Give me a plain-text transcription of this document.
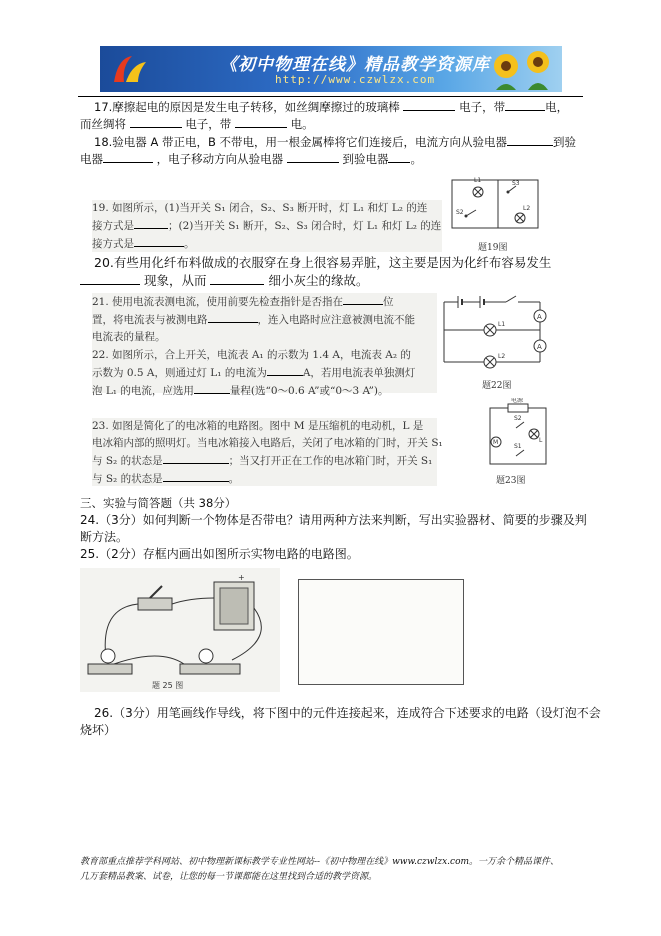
《初中物理在线》精品教学资源库
http://www.czwlzx.com
17.摩擦起电的原因是发生电子转移，如丝绸摩擦过的玻璃棒	电子，带	电，
而丝绸将	电子，带	电。
18.验电器 A 带正电，B 不带电，用一根金属棒将它们连接后，电流方向从验电器	到验
电器	，电子移动方向从验电器	到验电器 。
19. 如图所示，(1)当开关 S₁ 闭合，S₂、S₃ 断开时，灯 L₁ 和灯 L₂ 的连
接方式是	；(2)当开关 S₁ 断开，S₂、S₃ 闭合时，灯 L₁ 和灯 L₂ 的连
接方式是	。
L1	S3
S2
L2
题19图
20.有些用化纤布料做成的衣服穿在身上很容易弄脏，这主要是因为化纤布容易发生
现象，从而	细小灰尘的缘故。
21. 使用电流表测电流，使用前要先检查指针是否指在	位
置，将电流表与被测电路	，连入电路时应注意被测电流不能
电流表的量程。
22. 如图所示，合上开关，电流表 A₁ 的示数为 1.4 A，电流表 A₂ 的
示数为 0.5 A，则通过灯 L₁ 的电流为	A，若用电流表单独测灯
泡 L₁ 的电流，应选用	量程(选“0～0.6 A”或“0～3 A”)。
A
A
L1
L2
题22图
23. 如图是简化了的电冰箱的电路图。图中 M 是压缩机的电动机，L 是
电冰箱内部的照明灯。当电冰箱接入电路后，关闭了电冰箱的门时，开关 S₁
与 S₂ 的状态是	；当又打开正在工作的电冰箱门时，开关 S₁
与 S₂ 的状态是	。
电源
M
S2
S1
L
题23图
三、实验与简答题（共 38分）
24.（3分）如何判断一个物体是否带电？请用两种方法来判断，写出实验器材、简要的步骤及判
断方法。
25.（2分）存框内画出如图所示实物电路的电路图。
+
题 25 图
26.（3分）用笔画线作导线，将下图中的元件连接起来，连成符合下述要求的电路（设灯泡不会
烧坏）
教育部重点推荐学科网站、初中物理新课标教学专业性网站--《初中物理在线》www.czwlzx.com。一万余个精品课件、
几万套精品教案、试卷，让您的每一节课都能在这里找到合适的教学资源。
